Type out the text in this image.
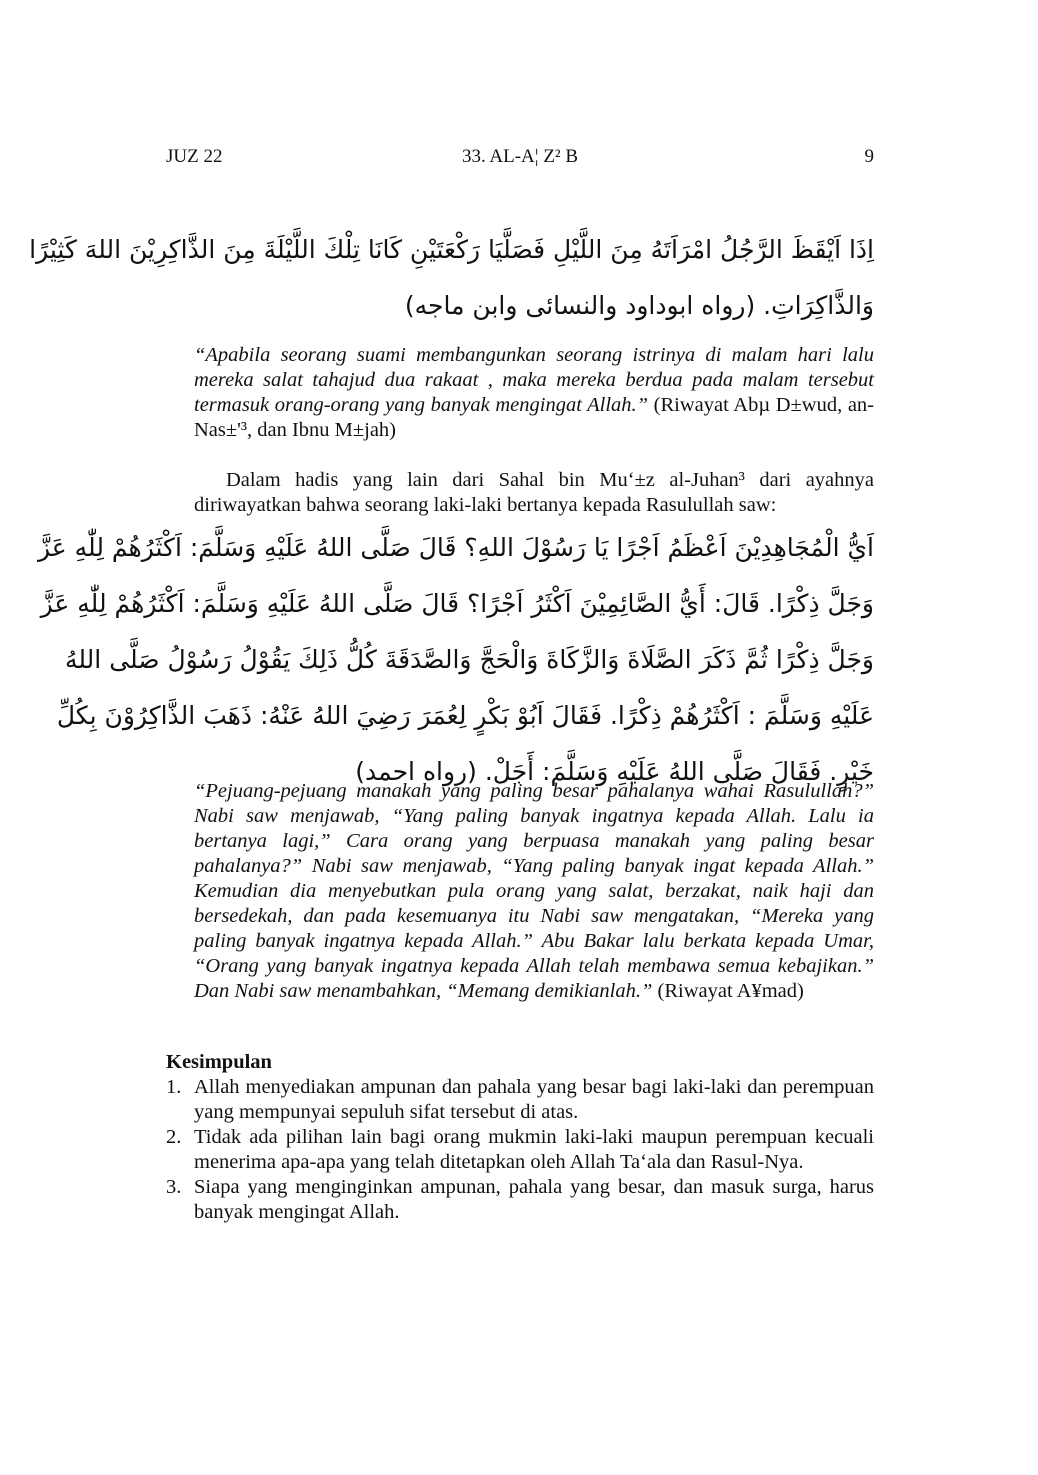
JUZ 22	33. AL-A¦ Z² B	9

اِذَا اَيْقَظَ الرَّجُلُ امْرَاَتَهُ مِنَ اللَّيْلِ فَصَلَّيَا رَكْعَتَيْنِ كَانَا تِلْكَ اللَّيْلَةَ مِنَ الذَّاكِرِيْنَ اللهَ كَثِيْرًا

وَالذَّاكِرَاتِ. (رواه ابوداود والنسائى وابن ماجه)

“Apabila seorang suami membangunkan seorang istrinya di malam hari lalu mereka salat tahajud dua rakaat , maka mereka berdua pada malam tersebut termasuk orang-orang yang banyak mengingat Allah.” (Riwayat Abµ D±wud, an-Nas±'³, dan Ibnu M±jah)

Dalam hadis yang lain dari Sahal bin Mu‘±z al-Juhan³ dari ayahnya diriwayatkan bahwa seorang laki-laki bertanya kepada Rasulullah saw:

اَيُّ الْمُجَاهِدِيْنَ اَعْظَمُ اَجْرًا يَا رَسُوْلَ اللهِ؟ قَالَ صَلَّى اللهُ عَلَيْهِ وَسَلَّمَ: اَكْثَرُهُمْ لِلّٰهِ عَزَّ

وَجَلَّ ذِكْرًا. قَالَ: أَيُّ الصَّائِمِيْنَ اَكْثَرُ اَجْرًا؟ قَالَ صَلَّى اللهُ عَلَيْهِ وَسَلَّمَ: اَكْثَرُهُمْ لِلّٰهِ عَزَّ

وَجَلَّ ذِكْرًا ثُمَّ ذَكَرَ الصَّلَاةَ وَالزَّكَاةَ وَالْحَجَّ وَالصَّدَقَةَ كُلُّ ذَلِكَ يَقُوْلُ رَسُوْلُ صَلَّى اللهُ

عَلَيْهِ وَسَلَّمَ : اَكْثَرُهُمْ ذِكْرًا. فَقَالَ اَبُوْ بَكْرٍ لِعُمَرَ رَضِيَ اللهُ عَنْهُ: ذَهَبَ الذَّاكِرُوْنَ بِكُلِّ

خَيْرٍ. فَقَالَ صَلَّى اللهُ عَلَيْهِ وَسَلَّمَ: أَجَلْ. (رواه احمد)

“Pejuang-pejuang manakah yang paling besar pahalanya wahai Rasulullah?” Nabi saw menjawab, “Yang paling banyak ingatnya kepada Allah. Lalu ia bertanya lagi,” Cara orang yang berpuasa manakah yang paling besar pahalanya?” Nabi saw menjawab, “Yang paling banyak ingat kepada Allah.” Kemudian dia menyebutkan pula orang yang salat, berzakat, naik haji dan bersedekah, dan pada kesemuanya itu Nabi saw mengatakan, “Mereka yang paling banyak ingatnya kepada Allah.” Abu Bakar lalu berkata kepada Umar, “Orang yang banyak ingatnya kepada Allah telah membawa semua kebajikan.” Dan Nabi saw menambahkan, “Memang demikianlah.” (Riwayat A¥mad)

Kesimpulan
1. Allah menyediakan ampunan dan pahala yang besar bagi laki-laki dan perempuan yang mempunyai sepuluh sifat tersebut di atas.
2. Tidak ada pilihan lain bagi orang mukmin laki-laki maupun perempuan kecuali menerima apa-apa yang telah ditetapkan oleh Allah Ta‘ala dan Rasul-Nya.
3. Siapa yang menginginkan ampunan, pahala yang besar, dan masuk surga, harus banyak mengingat Allah.
